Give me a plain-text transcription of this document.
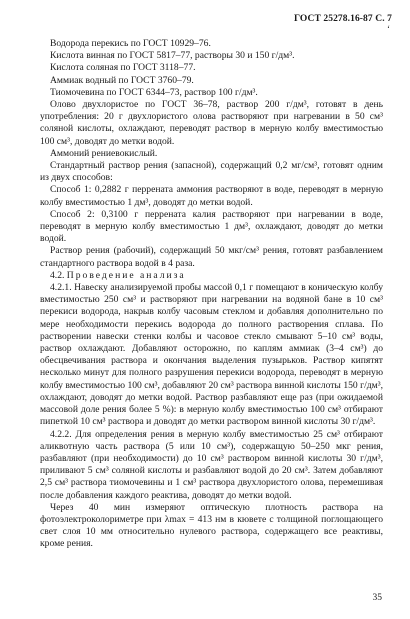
ГОСТ 25278.16-87 С. 7
‘

Водорода перекись по ГОСТ 10929–76.

Кислота винная по ГОСТ 5817–77, растворы 30 и 150 г/дм³.

Кислота соляная по ГОСТ 3118–77.

Аммиак водный по ГОСТ 3760–79.

Тиомочевина по ГОСТ 6344–73, раствор 100 г/дм³.

Олово двухлористое по ГОСТ 36–78, раствор 200 г/дм³, готовят в день употребления: 20 г двухлористого олова растворяют при нагревании в 50 см³ соляной кислоты, охлаждают, переводят раствор в мерную колбу вместимостью 100 см³, доводят до метки водой.

Аммоний рениевокислый.

Стандартный раствор рения (запасной), содержащий 0,2 мг/см³, готовят одним из двух способов:

Способ 1: 0,2882 г перрената аммония растворяют в воде, переводят в мерную колбу вместимостью 1 дм³, доводят до метки водой.

Способ 2: 0,3100 г перрената калия растворяют при нагревании в воде, переводят в мерную колбу вместимостью 1 дм³, охлаждают, доводят до метки водой.

Раствор рения (рабочий), содержащий 50 мкг/см³ рения, готовят разбавлением стандартного раствора водой в 4 раза.

4.2. Проведение анализа

4.2.1. Навеску анализируемой пробы массой 0,1 г помещают в коническую колбу вместимостью 250 см³ и растворяют при нагревании на водяной бане в 10 см³ перекиси водорода, накрыв колбу часовым стеклом и добавляя дополнительно по мере необходимости перекись водорода до полного растворения сплава. По растворении навески стенки колбы и часовое стекло смывают 5–10 см³ воды, раствор охлаждают. Добавляют осторожно, по каплям аммиак (3–4 см³) до обесцвечивания раствора и окончания выделения пузырьков. Раствор кипятят несколько минут для полного разрушения перекиси водорода, переводят в мерную колбу вместимостью 100 см³, добавляют 20 см³ раствора винной кислоты 150 г/дм³, охлаждают, доводят до метки водой. Раствор разбавляют еще раз (при ожидаемой массовой доле рения более 5 %): в мерную колбу вместимостью 100 см³ отбирают пипеткой 10 см³ раствора и доводят до метки раствором винной кислоты 30 г/дм³.

4.2.2. Для определения рения в мерную колбу вместимостью 25 см³ отбирают аликвотную часть раствора (5 или 10 см³), содержащую 50–250 мкг рения, разбавляют (при необходимости) до 10 см³ раствором винной кислоты 30 г/дм³, приливают 5 см³ соляной кислоты и разбавляют водой до 20 см³. Затем добавляют 2,5 см³ раствора тиомочевины и 1 см³ раствора двухлористого олова, перемешивая после добавления каждого реактива, доводят до метки водой.

Через 40 мин измеряют оптическую плотность раствора на фотоэлектроколориметре при λmax = 413 нм в кювете с толщиной поглощающего свет слоя 10 мм относительно нулевого раствора, содержащего все реактивы, кроме рения.

35
